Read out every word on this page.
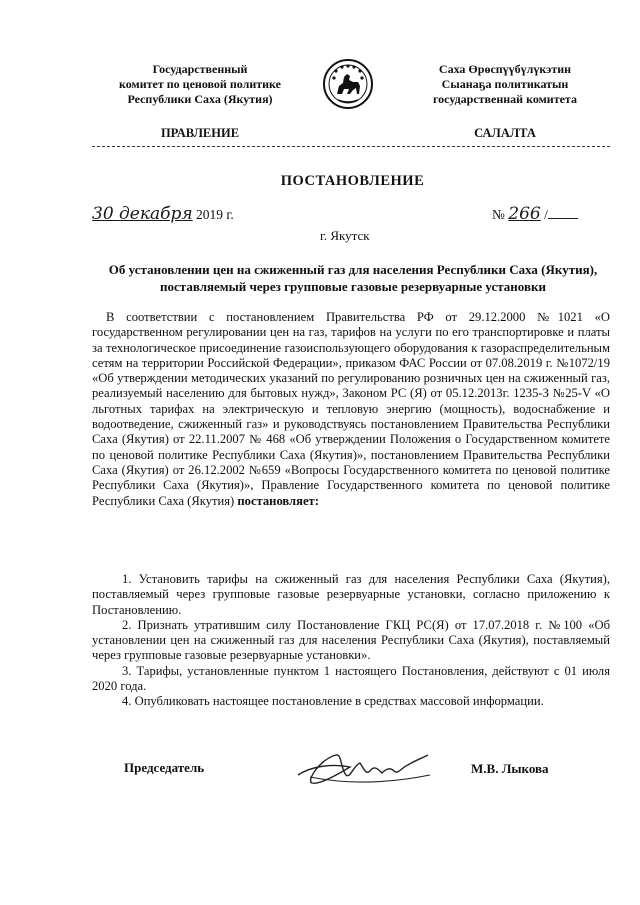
Государственный
комитет по ценовой политике
Республики Саха (Якутия)
Саха Өрөспүүбүлүкэтин
Сыанаҕа политикатын
государственнай комитета
ПРАВЛЕНИЕ	САЛАЛТА
ПОСТАНОВЛЕНИЕ
30 декабря 2019 г.	№ 266 /
г. Якутск
Об установлении цен на сжиженный газ для населения Республики Саха (Якутия), поставляемый через групповые газовые резервуарные установки

В соответствии с постановлением Правительства РФ от 29.12.2000 №1021 «О государственном регулировании цен на газ, тарифов на услуги по его транспортировке и платы за технологическое присоединение газоиспользующего оборудования к газораспределительным сетям на территории Российской Федерации», приказом ФАС России от 07.08.2019 г. №1072/19 «Об утверждении методических указаний по регулированию розничных цен на сжиженный газ, реализуемый населению для бытовых нужд», Законом РС (Я) от 05.12.2013г. 1235-З №25-V «О льготных тарифах на электрическую и тепловую энергию (мощность), водоснабжение и водоотведение, сжиженный газ» и руководствуясь постановлением Правительства Республики Саха (Якутия) от 22.11.2007 № 468 «Об утверждении Положения о Государственном комитете по ценовой политике Республики Саха (Якутия)», постановлением Правительства Республики Саха (Якутия) от 26.12.2002 №659 «Вопросы Государственного комитета по ценовой политике Республики Саха (Якутия)», Правление Государственного комитета по ценовой политике Республики Саха (Якутия) постановляет:

1. Установить тарифы на сжиженный газ для населения Республики Саха (Якутия), поставляемый через групповые газовые резервуарные установки, согласно приложению к Постановлению.

2. Признать утратившим силу Постановление ГКЦ РС(Я) от 17.07.2018 г. №100 «Об установлении цен на сжиженный газ для населения Республики Саха (Якутия), поставляемый через групповые газовые резервуарные установки».

3. Тарифы, установленные пунктом 1 настоящего Постановления, действуют с 01 июля 2020 года.

4. Опубликовать настоящее постановление в средствах массовой информации.

Председатель	М.В. Лыкова
